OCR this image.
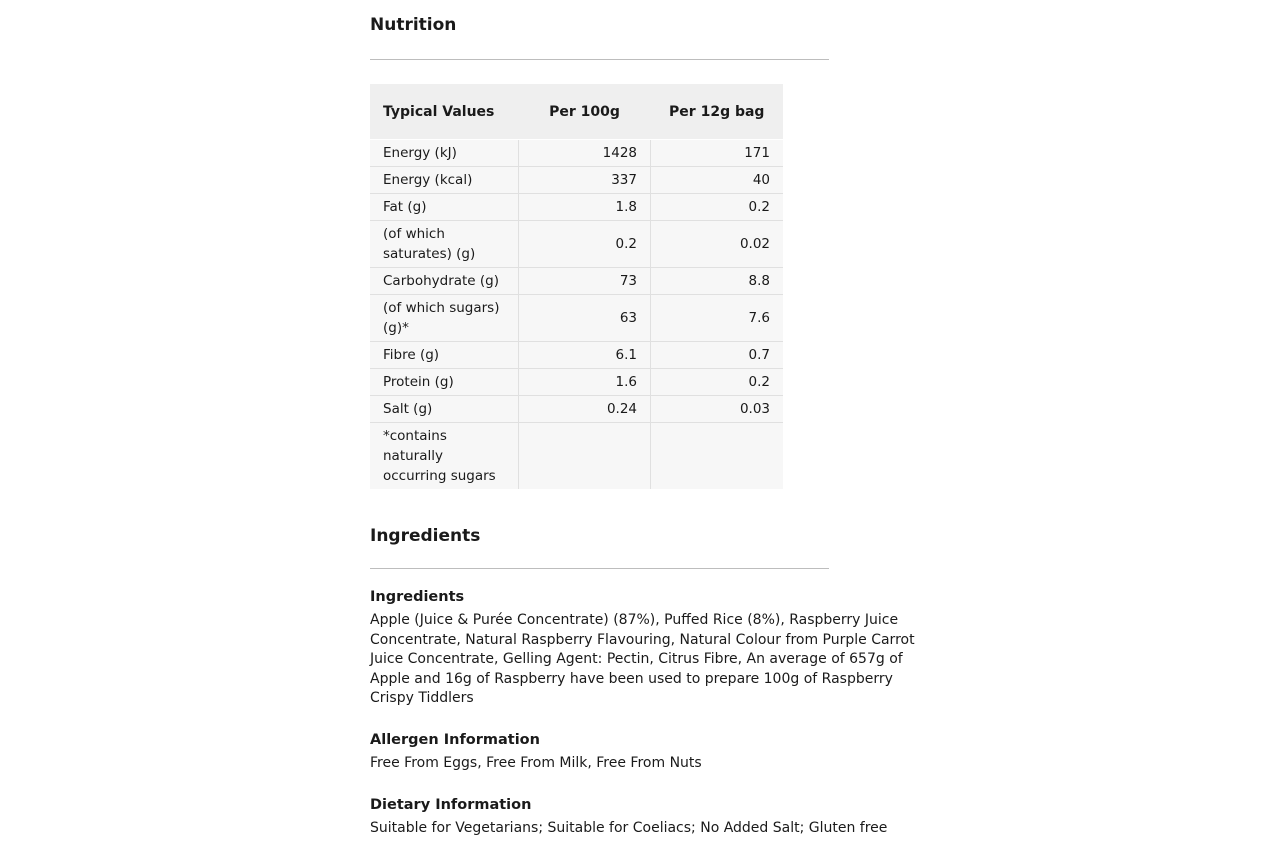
Nutrition
Typical Values	Per 100g	Per 12g bag
Energy (kJ)	1428	171
Energy (kcal)	337	40
Fat (g)	1.8	0.2
(of which saturates) (g)	0.2	0.02
Carbohydrate (g)	73	8.8
(of which sugars) (g)*	63	7.6
Fibre (g)	6.1	0.7
Protein (g)	1.6	0.2
Salt (g)	0.24	0.03
*contains naturally occurring sugars		
Ingredients

Ingredients

Apple (Juice & Purée Concentrate) (87%), Puffed Rice (8%), Raspberry Juice Concentrate, Natural Raspberry Flavouring, Natural Colour from Purple Carrot Juice Concentrate, Gelling Agent: Pectin, Citrus Fibre, An average of 657g of Apple and 16g of Raspberry have been used to prepare 100g of Raspberry Crispy Tiddlers

Allergen Information

Free From Eggs, Free From Milk, Free From Nuts

Dietary Information

Suitable for Vegetarians; Suitable for Coeliacs; No Added Salt; Gluten free
